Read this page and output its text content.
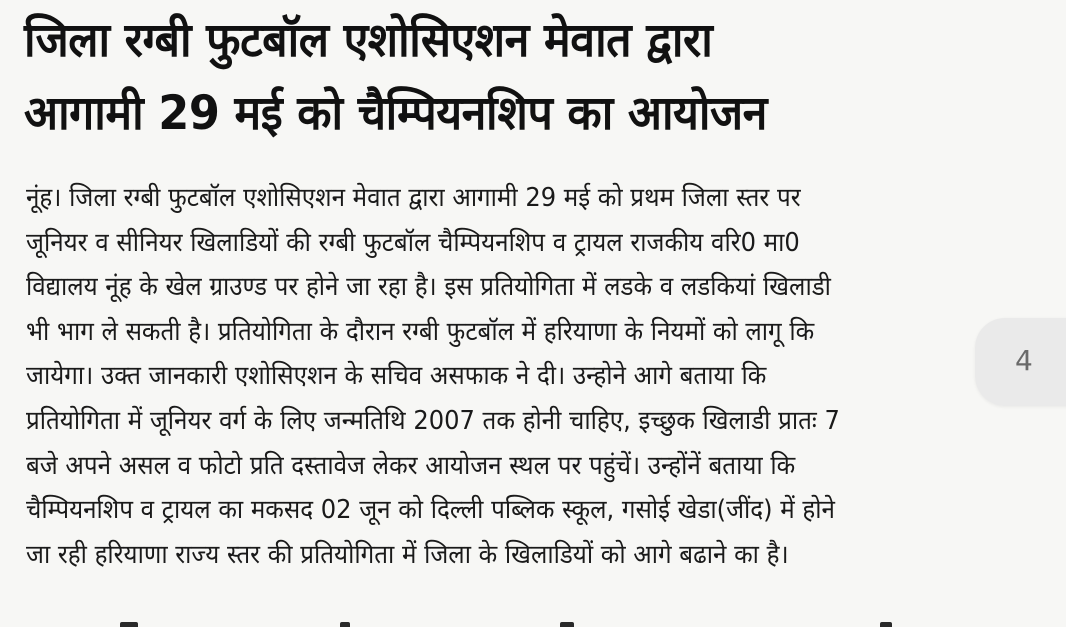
जिला रग्बी फुटबॉल एशोसिएशन मेवात द्वारा
आगामी 29 मई को चैम्पियनशिप का आयोजन
नूंह। जिला रग्बी फुटबॉल एशोसिएशन मेवात द्वारा आगामी 29 मई को प्रथम जिला स्तर पर
जूनियर व सीनियर खिलाडियों की रग्बी फुटबॉल चैम्पियनशिप व ट्रायल राजकीय वरि0 मा0
विद्यालय नूंह के खेल ग्राउण्ड पर होने जा रहा है। इस प्रतियोगिता में लडके व लडकियां खिलाडी
भी भाग ले सकती है। प्रतियोगिता के दौरान रग्बी फुटबॉल में हरियाणा के नियमों को लागू कि
जायेगा। उक्त जानकारी एशोसिएशन के सचिव असफाक ने दी। उन्होने आगे बताया कि
प्रतियोगिता में जूनियर वर्ग के लिए जन्मतिथि 2007 तक होनी चाहिए, इच्छुक खिलाडी प्रातः 7
बजे अपने असल व फोटो प्रति दस्तावेज लेकर आयोजन स्थल पर पहुंचें। उन्होंनें बताया कि
चैम्पियनशिप व ट्रायल का मकसद 02 जून को दिल्ली पब्लिक स्कूल, गसोई खेडा(जींद) में होने
जा रही हरियाणा राज्य स्तर की प्रतियोगिता में जिला के खिलाडियों को आगे बढाने का है।
4
